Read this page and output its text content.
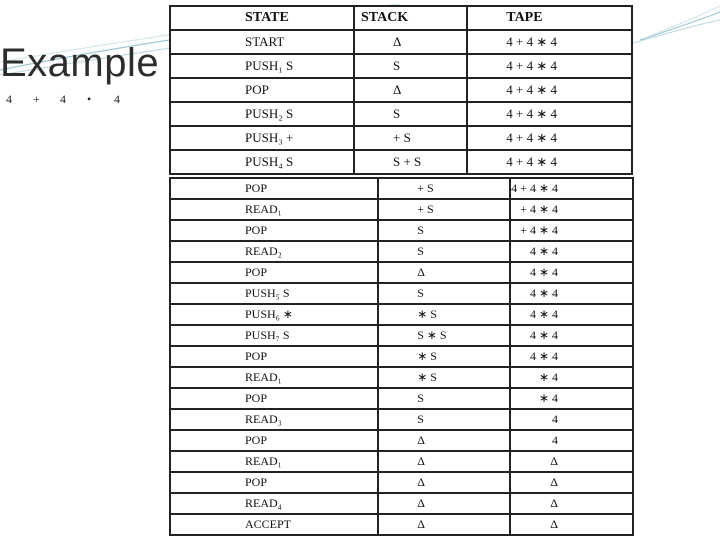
Example
4 + 4 • 4
STATE	STACK	TAPE
START	Δ	4 + 4 ∗ 4
PUSH₁ S	S	4 + 4 ∗ 4
POP	Δ	4 + 4 ∗ 4
PUSH₂ S	S	4 + 4 ∗ 4
PUSH₃ +	+ S	4 + 4 ∗ 4
PUSH₄ S	S + S	4 + 4 ∗ 4
POP	+ S	4 + 4 ∗ 4
READ₁	+ S	+ 4 ∗ 4
POP	S	+ 4 ∗ 4
READ₂	S	4 ∗ 4
POP	Δ	4 ∗ 4
PUSH₅ S	S	4 ∗ 4
PUSH₆ ∗	∗ S	4 ∗ 4
PUSH₇ S	S ∗ S	4 ∗ 4
POP	∗ S	4 ∗ 4
READ₁	∗ S	∗ 4
POP	S	∗ 4
READ₃	S	4
POP	Δ	4
READ₁	Δ	Δ
POP	Δ	Δ
READ₄	Δ	Δ
ACCEPT	Δ	Δ
